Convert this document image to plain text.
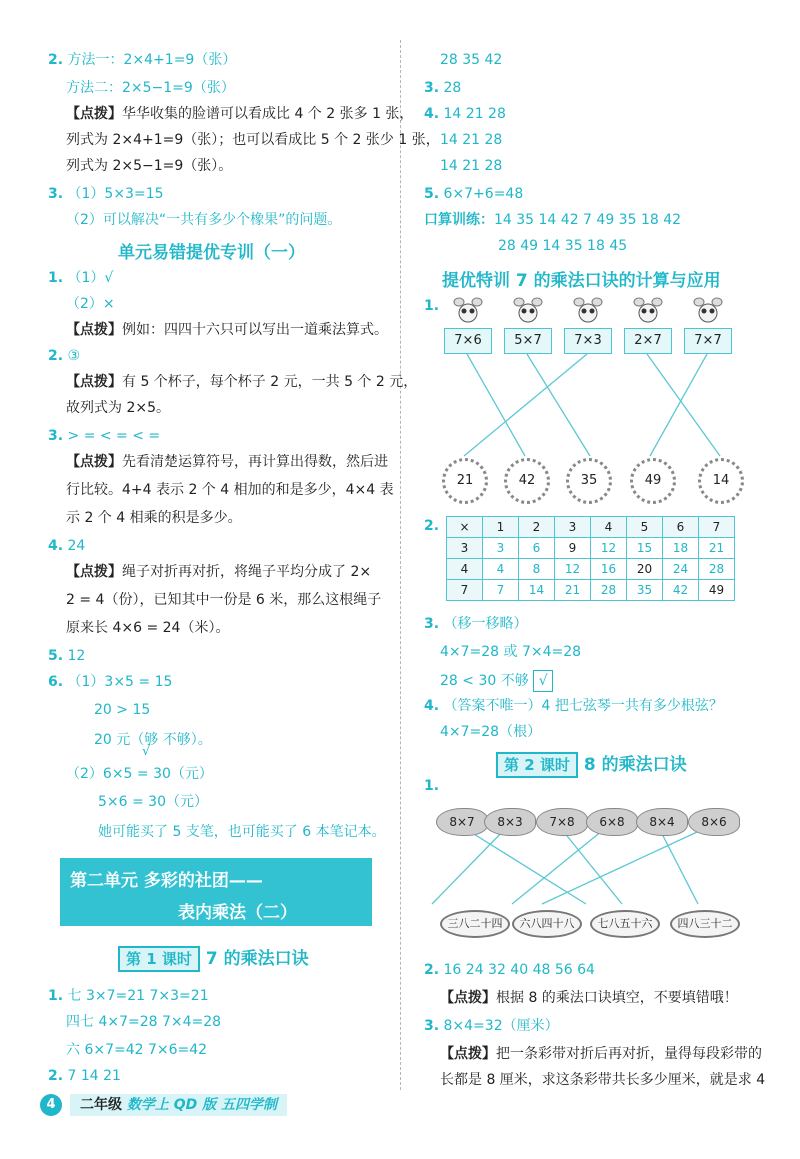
2. 方法一：2×4+1=9（张）
方法二：2×5−1=9（张）
【点拨】华华收集的脸谱可以看成比 4 个 2 张多 1 张，
列式为 2×4+1=9（张）；也可以看成比 5 个 2 张少 1 张，
列式为 2×5−1=9（张）。
3. （1）5×3=15
（2）可以解决“一共有多少个橡果”的问题。
单元易错提优专训（一）
1. （1）√
（2）×
【点拨】例如：四四十六只可以写出一道乘法算式。
2. ③
【点拨】有 5 个杯子，每个杯子 2 元，一共 5 个 2 元，
故列式为 2×5。
3. > = < = < =
【点拨】先看清楚运算符号，再计算出得数，然后进
行比较。4+4 表示 2 个 4 相加的和是多少，4×4 表
示 2 个 4 相乘的积是多少。
4. 24
【点拨】绳子对折再对折，将绳子平均分成了 2×
2 = 4（份），已知其中一份是 6 米，那么这根绳子
原来长 4×6 = 24（米）。
5. 12
6. （1）3×5 = 15
20 > 15
20 元（够 不够）。
√
（2）6×5 = 30（元）
5×6 = 30（元）
她可能买了 5 支笔，也可能买了 6 本笔记本。
第二单元 多彩的社团——
表内乘法（二）
第 1 课时 7 的乘法口诀
1. 七 3×7=21 7×3=21
四七 4×7=28 7×4=28
六 6×7=42 7×6=42
2. 7 14 21
28 35 42
3. 28
4. 14 21 28
14 21 28
14 21 28
5. 6×7+6=48
口算训练：14 35 14 42 7 49 35 18 42
28 49 14 35 18 45
提优特训 7 的乘法口诀的计算与应用
1.
7×6	5×7	7×3	2×7	7×7
21	42	35	49	14
2.
3. （移一移略）
4×7=28 或 7×4=28
28 < 30 不够 √
4. （答案不唯一）4 把七弦琴一共有多少根弦？
4×7=28（根）
第 2 课时 8 的乘法口诀
1.
8×7	8×3	7×8	6×8	8×4	8×6
三八二十四	六八四十八	七八五十六	四八三十二
2. 16 24 32 40 48 56 64
【点拨】根据 8 的乘法口诀填空，不要填错哦！
3. 8×4=32（厘米）
【点拨】把一条彩带对折后再对折，量得每段彩带的
长都是 8 厘米，求这条彩带共长多少厘米，就是求 4
×	1	2	3	4	5	6	7
3	3	6	9	12	15	18	21
4	4	8	12	16	20	24	28
7	7	14	21	28	35	42	49
4	二年级 数学上 QD 版 五四学制
